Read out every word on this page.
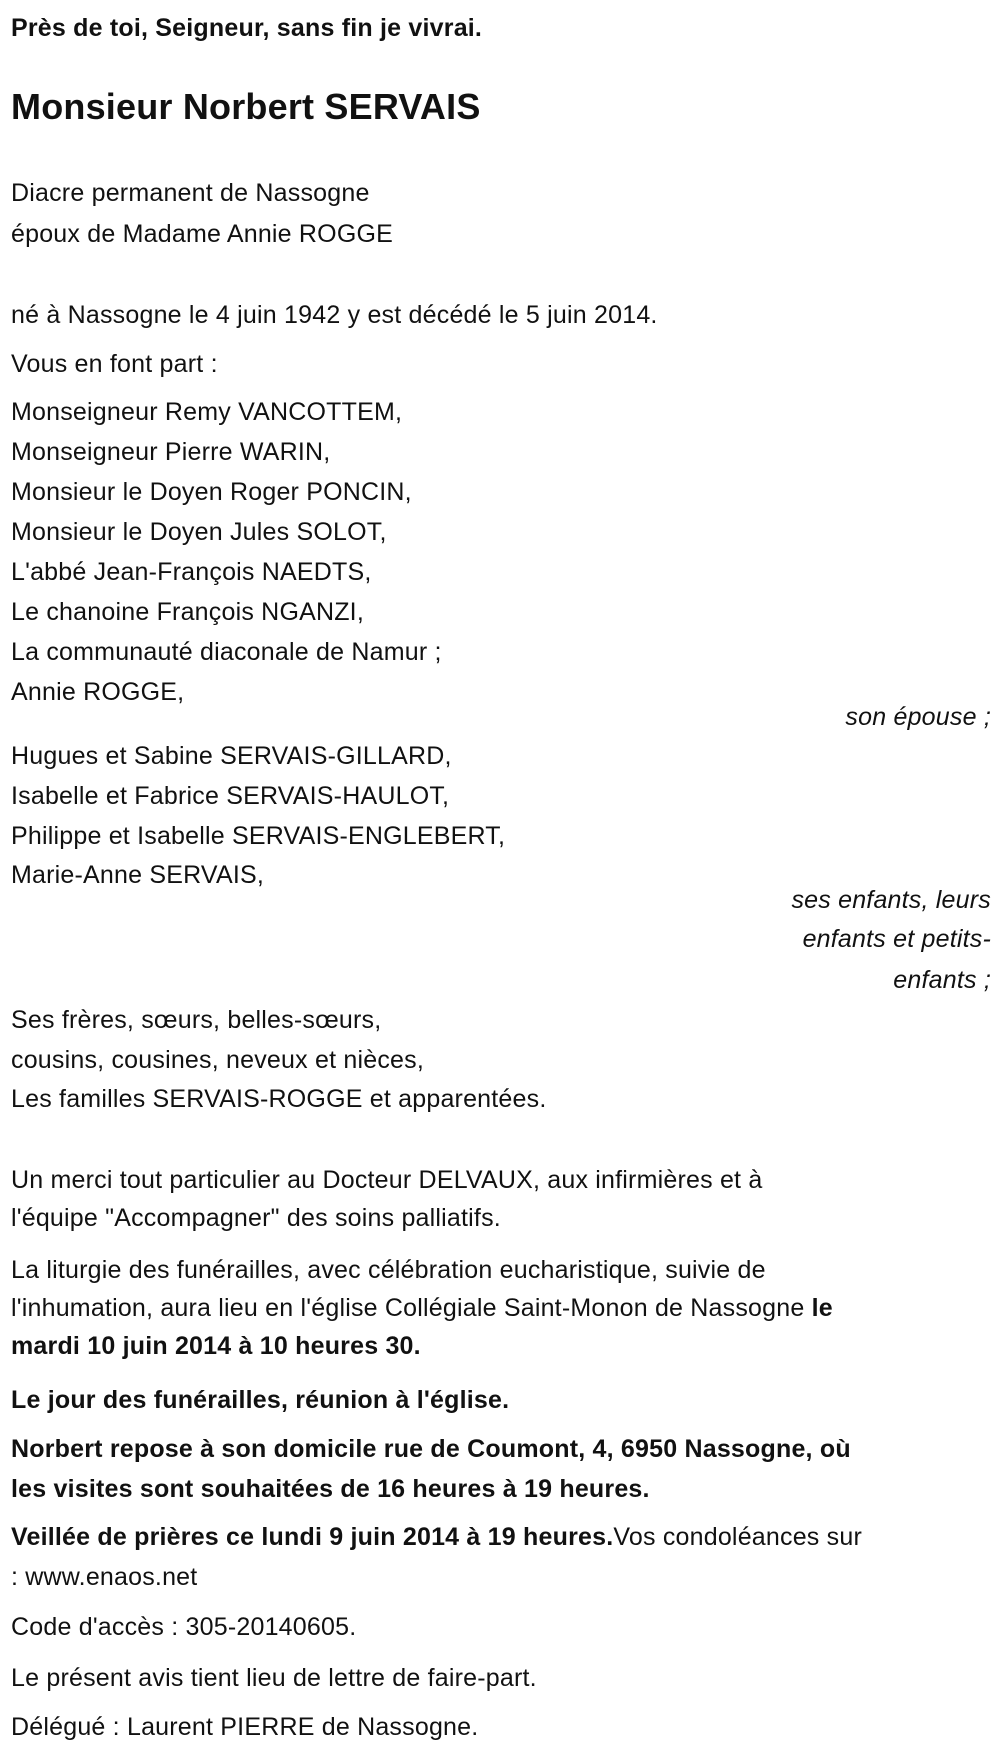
Près de toi, Seigneur, sans fin je vivrai.
Monsieur Norbert SERVAIS
Diacre permanent de Nassogne
époux de Madame Annie ROGGE
né à Nassogne le 4 juin 1942 y est décédé le 5 juin 2014.
Vous en font part :
Monseigneur Remy VANCOTTEM,
Monseigneur Pierre WARIN,
Monsieur le Doyen Roger PONCIN,
Monsieur le Doyen Jules SOLOT,
L'abbé Jean-François NAEDTS,
Le chanoine François NGANZI,
La communauté diaconale de Namur ;
Annie ROGGE,
son épouse ;
Hugues et Sabine SERVAIS-GILLARD,
Isabelle et Fabrice SERVAIS-HAULOT,
Philippe et Isabelle SERVAIS-ENGLEBERT,
Marie-Anne SERVAIS,
ses enfants, leurs
enfants et petits-
enfants ;
Ses frères, sœurs, belles-sœurs,
cousins, cousines, neveux et nièces,
Les familles SERVAIS-ROGGE et apparentées.
Un merci tout particulier au Docteur DELVAUX, aux infirmières et à
l'équipe "Accompagner" des soins palliatifs.
La liturgie des funérailles, avec célébration eucharistique, suivie de
l'inhumation, aura lieu en l'église Collégiale Saint-Monon de Nassogne le
mardi 10 juin 2014 à 10 heures 30.
Le jour des funérailles, réunion à l'église.
Norbert repose à son domicile rue de Coumont, 4, 6950 Nassogne, où
les visites sont souhaitées de 16 heures à 19 heures.
Veillée de prières ce lundi 9 juin 2014 à 19 heures.Vos condoléances sur
: www.enaos.net
Code d'accès : 305-20140605.
Le présent avis tient lieu de lettre de faire-part.
Délégué : Laurent PIERRE de Nassogne.
